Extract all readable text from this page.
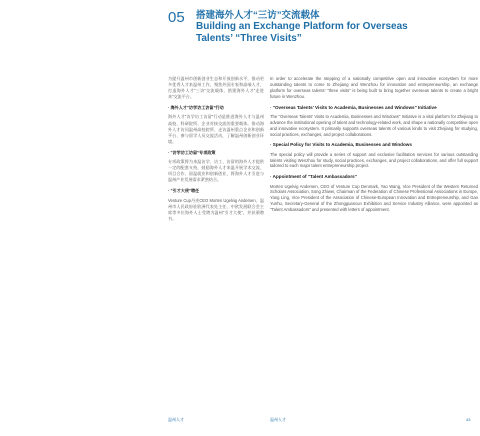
05 搭建海外人才“三访”交流载体
Building an Exchange Platform for Overseas
Talents’ “Three Visits”

为提升温州市创新创业生态和开放创新水平，推动更多优秀人才来温州工作，聚焦外国专家和高端人才，打造海外人才“三访”交流载体，搭建海外人才“走进来”交流平台。

· 海外人才“访学访工访留”行动

海外人才“访学访工访留”行动是推进海外人才与温州高校、科研院所、企业对接交流的重要载体。推动海外人才访问温州高校院所、走访温州重点企业和创新平台、参与留学人员交流活动，了解温州创新创业环境。

· “访学访工访留”专项政策

专项政策将为来温访学、访工、访留的海外人才提供一定的配套支持，鼓励海外人才来温开展学术交流、项目合作、留温就业和创新创业，将海外人才引进与温州产业发展需求紧密结合。

· “引才大使”聘任

Venture Cup丹麦CEO Morten Ugelvig Andersen、温州市人民政府驻欧洲代表处主任、中欧发展联合会主席等多位海外人士受聘为温州“引才大使”，并获颁聘书。

In order to accelerate the stepping of a nationally competitive open and innovative ecosystem for more outstanding talents to come to Zhejiang and Wenzhou for innovation and entrepreneurship, an exchange platform for overseas talents' "three visits" is being built to bring together overseas talents to create a bright future in Wenzhou.

· "Overseas Talents' Visits to Academia, Businesses and Windows" Initiative

The "Overseas Talents' Visits to Academia, Businesses and Windows" Initiative is a vital platform for Zhejiang to advance the institutional opening of talent and technology-related work, and shape a nationally competitive open and innovative ecosystem. It primarily supports overseas talents of various kinds to visit Zhejiang for studying, social practices, exchanges, and project collaborations.

· Special Policy for Visits to Academia, Businesses and Windows

The special policy will provide a series of support and exclusive facilitation services for various outstanding talents visiting Wenzhou for study, social practices, exchanges, and project collaborations, and offer full support tailored to each major talent entrepreneurship project.

· Appointment of "Talent Ambassadors"

Morten Ugelvig Andersen, CEO of Venture Cup Denmark, Yao Wang, Vice President of the Western Returned Scholars Association, Song Zhiwei, Chairman of the Federation of Chinese Professional Associations in Europe, Yang Ling, Vice President of the Association of Chinese-European Innovation and Entrepreneurship, and Gao Yunhu, Secretary-General of the Zhongguancun Exhibition and Service Industry Alliance, were appointed as "Talent Ambassadors" and presented with letters of appointment.

温州人才	温州人才	43
